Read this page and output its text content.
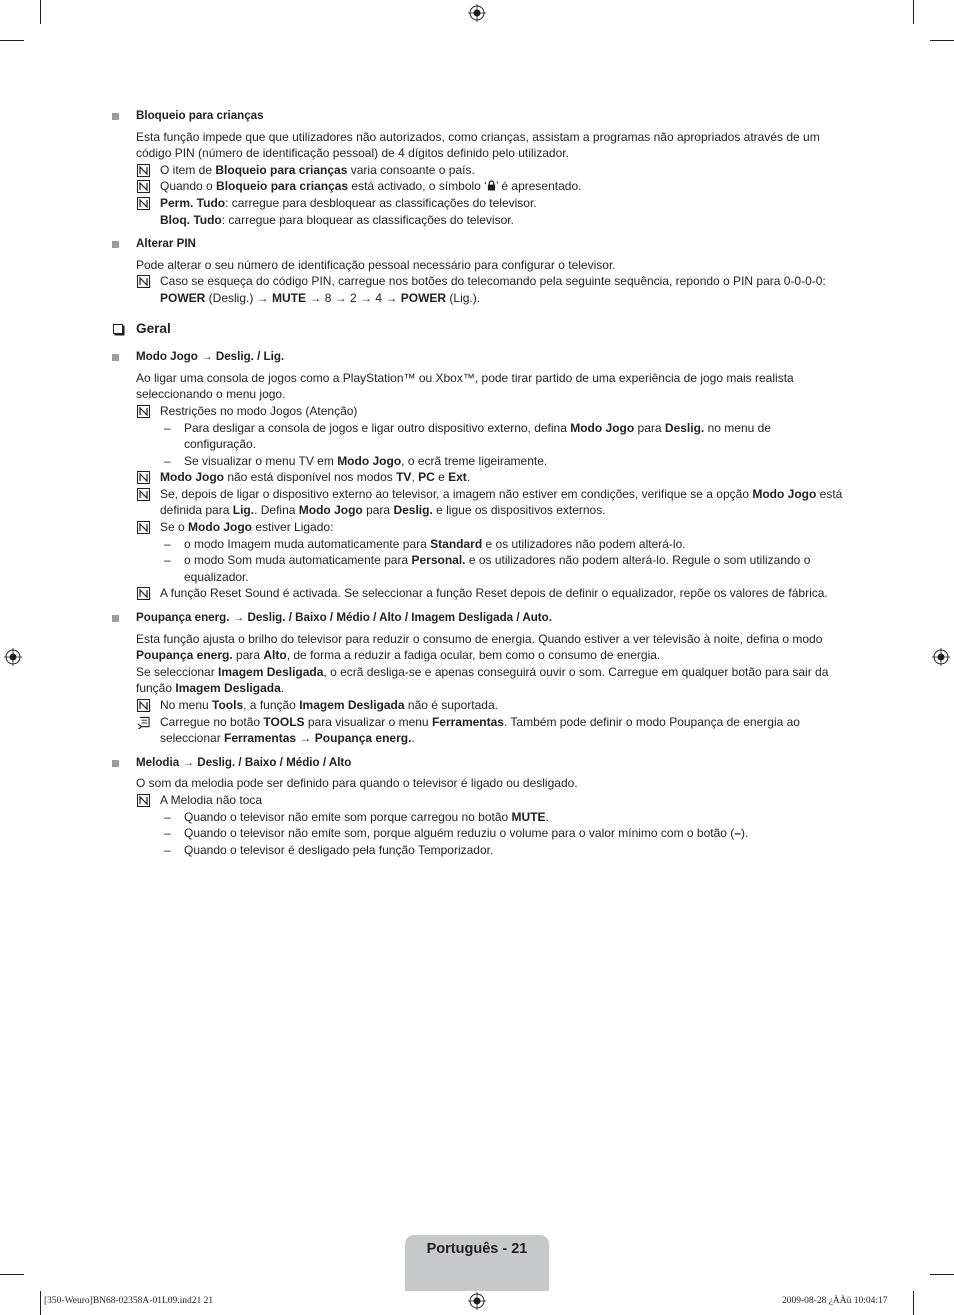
Bloqueio para crianças
Esta função impede que que utilizadores não autorizados, como crianças, assistam a programas não apropriados através de um código PIN (número de identificação pessoal) de 4 dígitos definido pelo utilizador.
O item de Bloqueio para crianças varia consoante o país.
Quando o Bloqueio para crianças está activado, o símbolo ‘ ’ é apresentado.
Perm. Tudo: carregue para desbloquear as classificações do televisor.
Bloq. Tudo: carregue para bloquear as classificações do televisor.
Alterar PIN
Pode alterar o seu número de identificação pessoal necessário para configurar o televisor.
Caso se esqueça do código PIN, carregue nos botões do telecomando pela seguinte sequência, repondo o PIN para 0-0-0-0: POWER (Deslig.) → MUTE → 8 → 2 → 4 → POWER (Lig.).
Geral
Modo Jogo → Deslig. / Lig.
Ao ligar uma consola de jogos como a PlayStation™ ou Xbox™, pode tirar partido de uma experiência de jogo mais realista seleccionando o menu jogo.
Restrições no modo Jogos (Atenção)
– Para desligar a consola de jogos e ligar outro dispositivo externo, defina Modo Jogo para Deslig. no menu de configuração.
– Se visualizar o menu TV em Modo Jogo, o ecrã treme ligeiramente.
Modo Jogo não está disponível nos modos TV, PC e Ext.
Se, depois de ligar o dispositivo externo ao televisor, a imagem não estiver em condições, verifique se a opção Modo Jogo está definida para Lig.. Defina Modo Jogo para Deslig. e ligue os dispositivos externos.
Se o Modo Jogo estiver Ligado:
– o modo Imagem muda automaticamente para Standard e os utilizadores não podem alterá-lo.
– o modo Som muda automaticamente para Personal. e os utilizadores não podem alterá-lo. Regule o som utilizando o equalizador.
A função Reset Sound é activada. Se seleccionar a função Reset depois de definir o equalizador, repõe os valores de fábrica.
Poupança energ. → Deslig. / Baixo / Médio / Alto / Imagem Desligada / Auto.
Esta função ajusta o brilho do televisor para reduzir o consumo de energia. Quando estiver a ver televisão à noite, defina o modo Poupança energ. para Alto, de forma a reduzir a fadiga ocular, bem como o consumo de energia.
Se seleccionar Imagem Desligada, o ecrã desliga-se e apenas conseguirá ouvir o som. Carregue em qualquer botão para sair da função Imagem Desligada.
No menu Tools, a função Imagem Desligada não é suportada.
Carregue no botão TOOLS para visualizar o menu Ferramentas. Também pode definir o modo Poupança de energia ao seleccionar Ferramentas → Poupança energ..
Melodia → Deslig. / Baixo / Médio / Alto
O som da melodia pode ser definido para quando o televisor é ligado ou desligado.
A Melodia não toca
– Quando o televisor não emite som porque carregou no botão MUTE.
– Quando o televisor não emite som, porque alguém reduziu o volume para o valor mínimo com o botão (–).
– Quando o televisor é desligado pela função Temporizador.
Português - 21
[350-Weuro]BN68-02358A-01L09.ind21 21	2009-08-28 ¿ÀÀü 10:04:17
